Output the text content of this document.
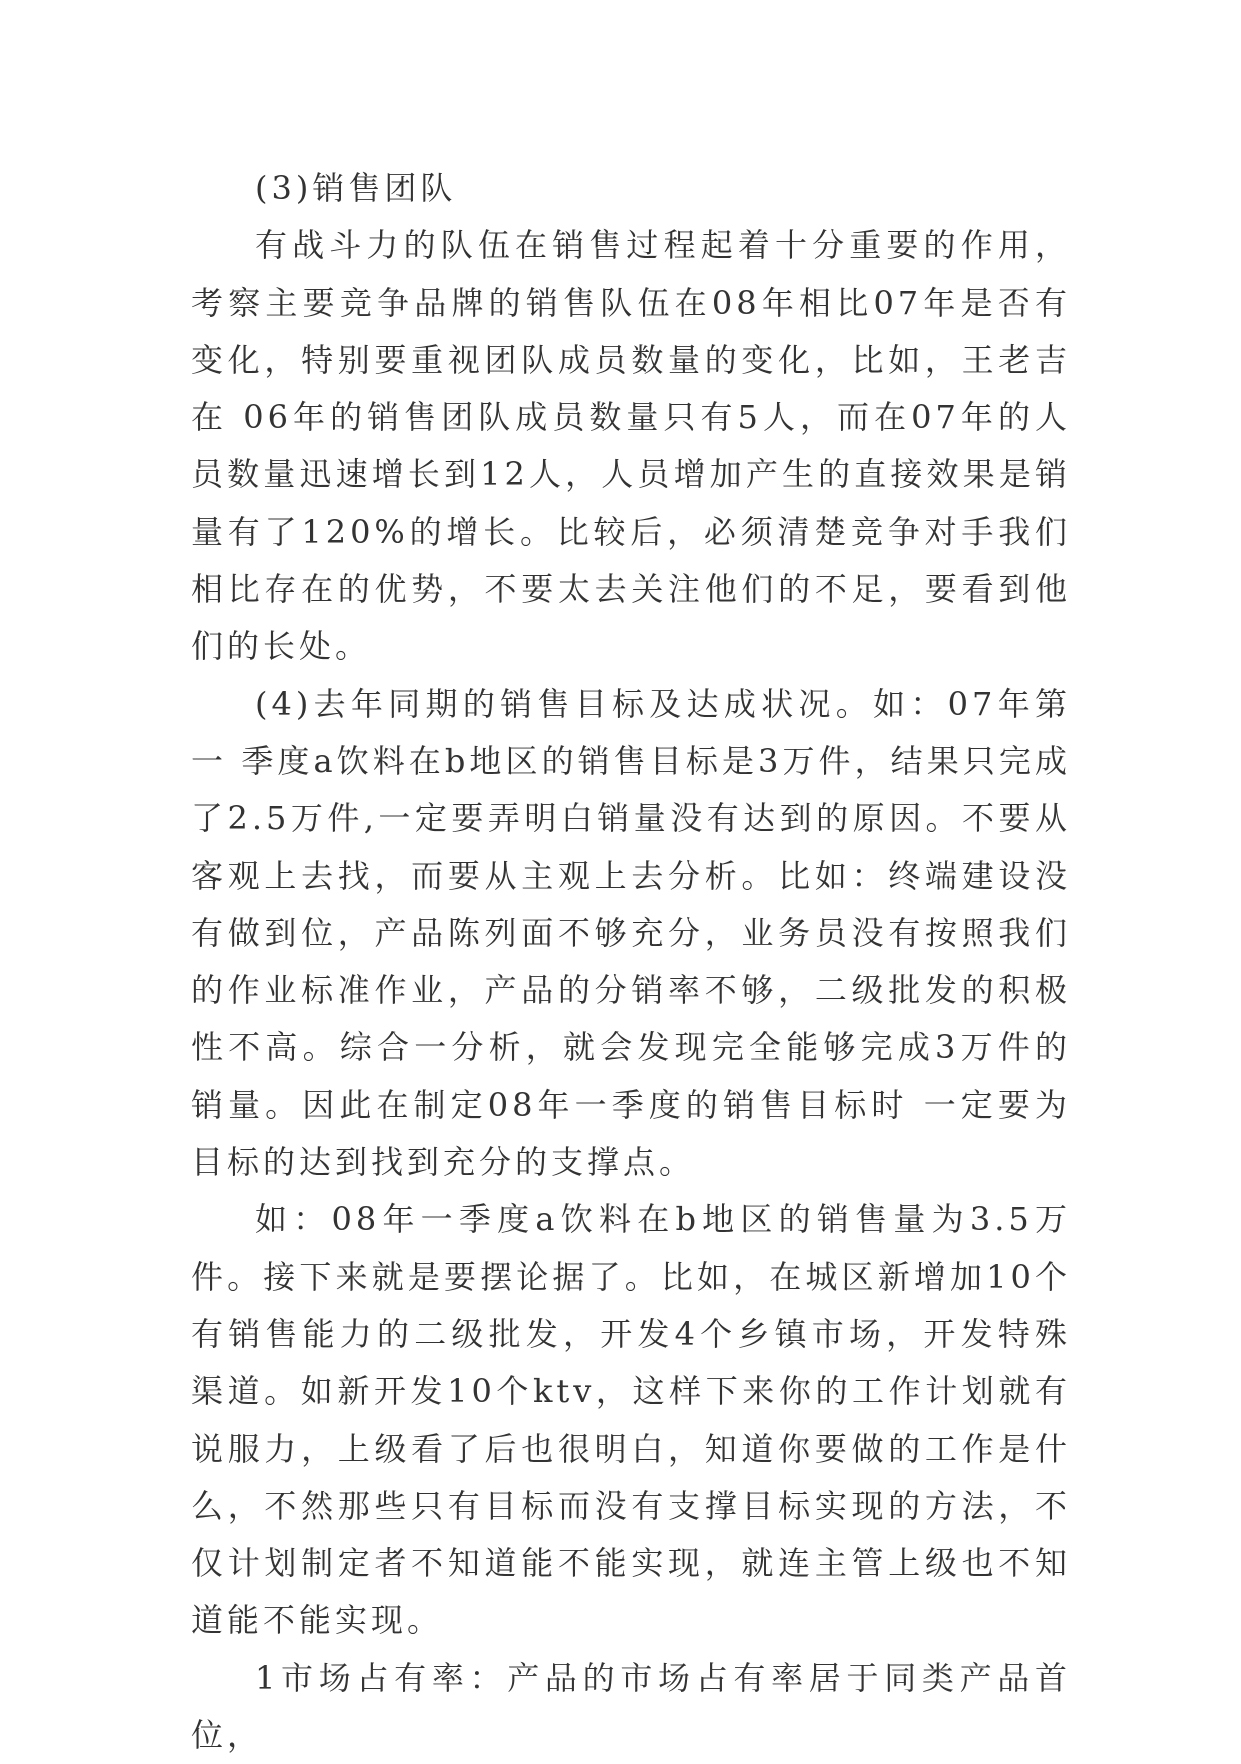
(3)销售团队

有战斗力的队伍在销售过程起着十分重要的作用，考察主要竞争品牌的销售队伍在08年相比07年是否有变化，特别要重视团队成员数量的变化，比如，王老吉在 06年的销售团队成员数量只有5人，而在07年的人员数量迅速增长到12人，人员增加产生的直接效果是销量有了120%的增长。比较后，必须清楚竞争对手我们相比存在的优势，不要太去关注他们的不足，要看到他们的长处。

(4)去年同期的销售目标及达成状况。如：07年第一 季度a饮料在b地区的销售目标是3万件，结果只完成了2.5万件,一定要弄明白销量没有达到的原因。不要从客观上去找，而要从主观上去分析。比如：终端建设没有做到位，产品陈列面不够充分，业务员没有按照我们的作业标准作业，产品的分销率不够，二级批发的积极性不高。综合一分析，就会发现完全能够完成3万件的销量。因此在制定08年一季度的销售目标时 一定要为目标的达到找到充分的支撑点。

如：08年一季度a饮料在b地区的销售量为3.5万件。接下来就是要摆论据了。比如，在城区新增加10个有销售能力的二级批发，开发4个乡镇市场，开发特殊渠道。如新开发10个ktv，这样下来你的工作计划就有说服力，上级看了后也很明白，知道你要做的工作是什么，不然那些只有目标而没有支撑目标实现的方法，不仅计划制定者不知道能不能实现，就连主管上级也不知道能不能实现。

1市场占有率：产品的市场占有率居于同类产品首位，
